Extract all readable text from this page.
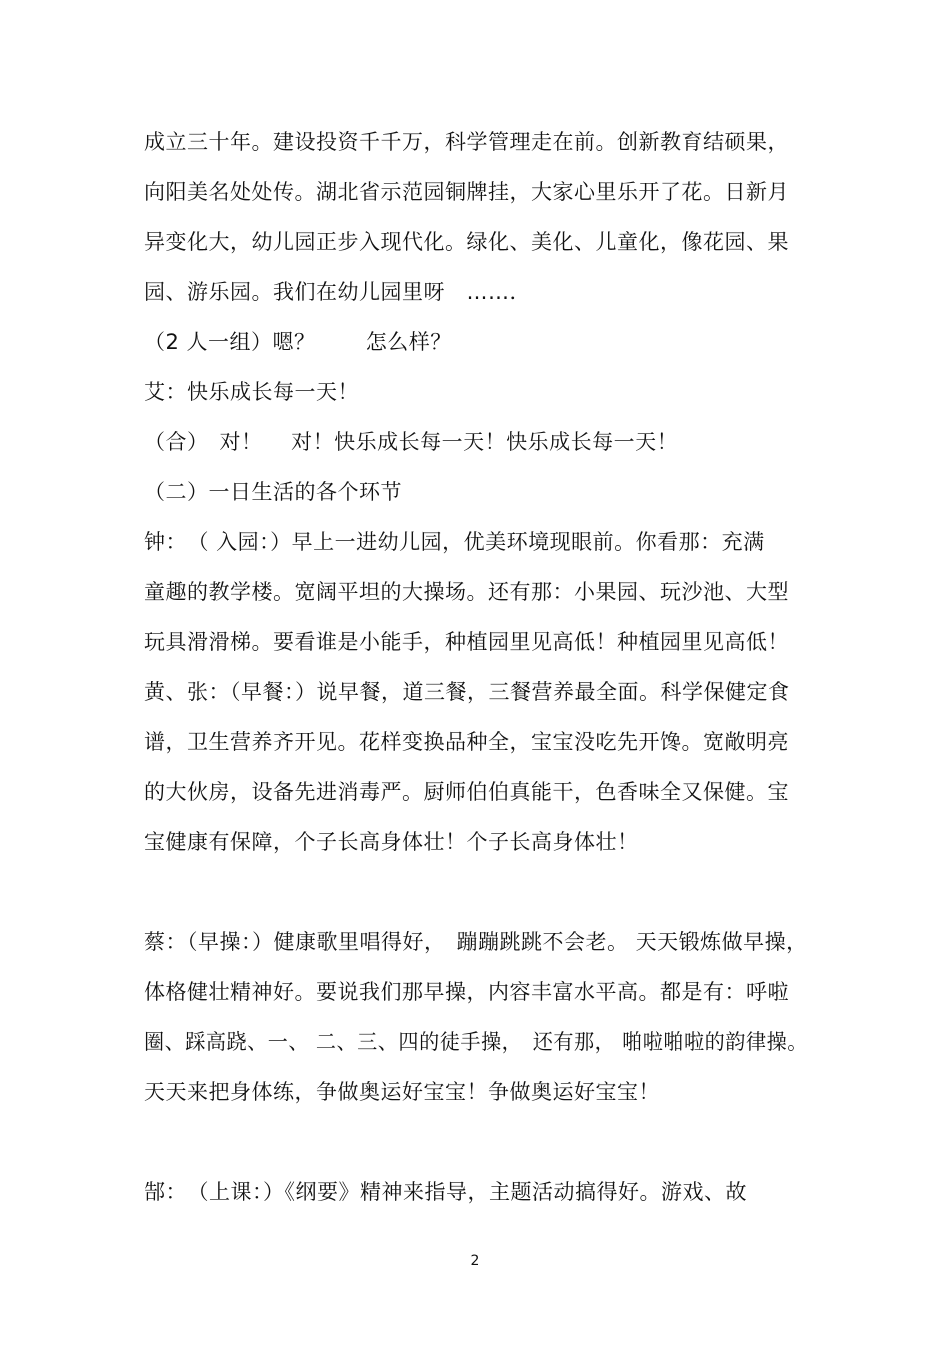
成立三十年。建设投资千千万，科学管理走在前。创新教育结硕果，
向阳美名处处传。湖北省示范园铜牌挂，大家心里乐开了花。日新月
异变化大，幼儿园正步入现代化。绿化、美化、儿童化，像花园、果
园、游乐园。我们在幼儿园里呀　……．
（2 人一组）嗯？　　 怎么样？
艾：快乐成长每一天！
（合）　对！　 对！快乐成长每一天！快乐成长每一天！
（二）一日生活的各个环节
钟：　（ 入园：）早上一进幼儿园，优美环境现眼前。你看那：充满
童趣的教学楼。宽阔平坦的大操场。还有那：小果园、玩沙池、大型
玩具滑滑梯。要看谁是小能手，种植园里见高低！种植园里见高低！
黄、张：（早餐：）说早餐，道三餐，三餐营养最全面。科学保健定食
谱，卫生营养齐开见。花样变换品种全，宝宝没吃先开馋。宽敞明亮
的大伙房，设备先进消毒严。厨师伯伯真能干，色香味全又保健。宝
宝健康有保障，个子长高身体壮！个子长高身体壮！
蔡：（早操：）健康歌里唱得好，　蹦蹦跳跳不会老。 天天锻炼做早操，
体格健壮精神好。要说我们那早操，内容丰富水平高。都是有：呼啦
圈、踩高跷、一、 二、三、四的徒手操，　还有那， 啪啦啪啦的韵律操。
天天来把身体练，争做奥运好宝宝！争做奥运好宝宝！
郜：　（上课：）《纲要》精神来指导，主题活动搞得好。游戏、故
2
